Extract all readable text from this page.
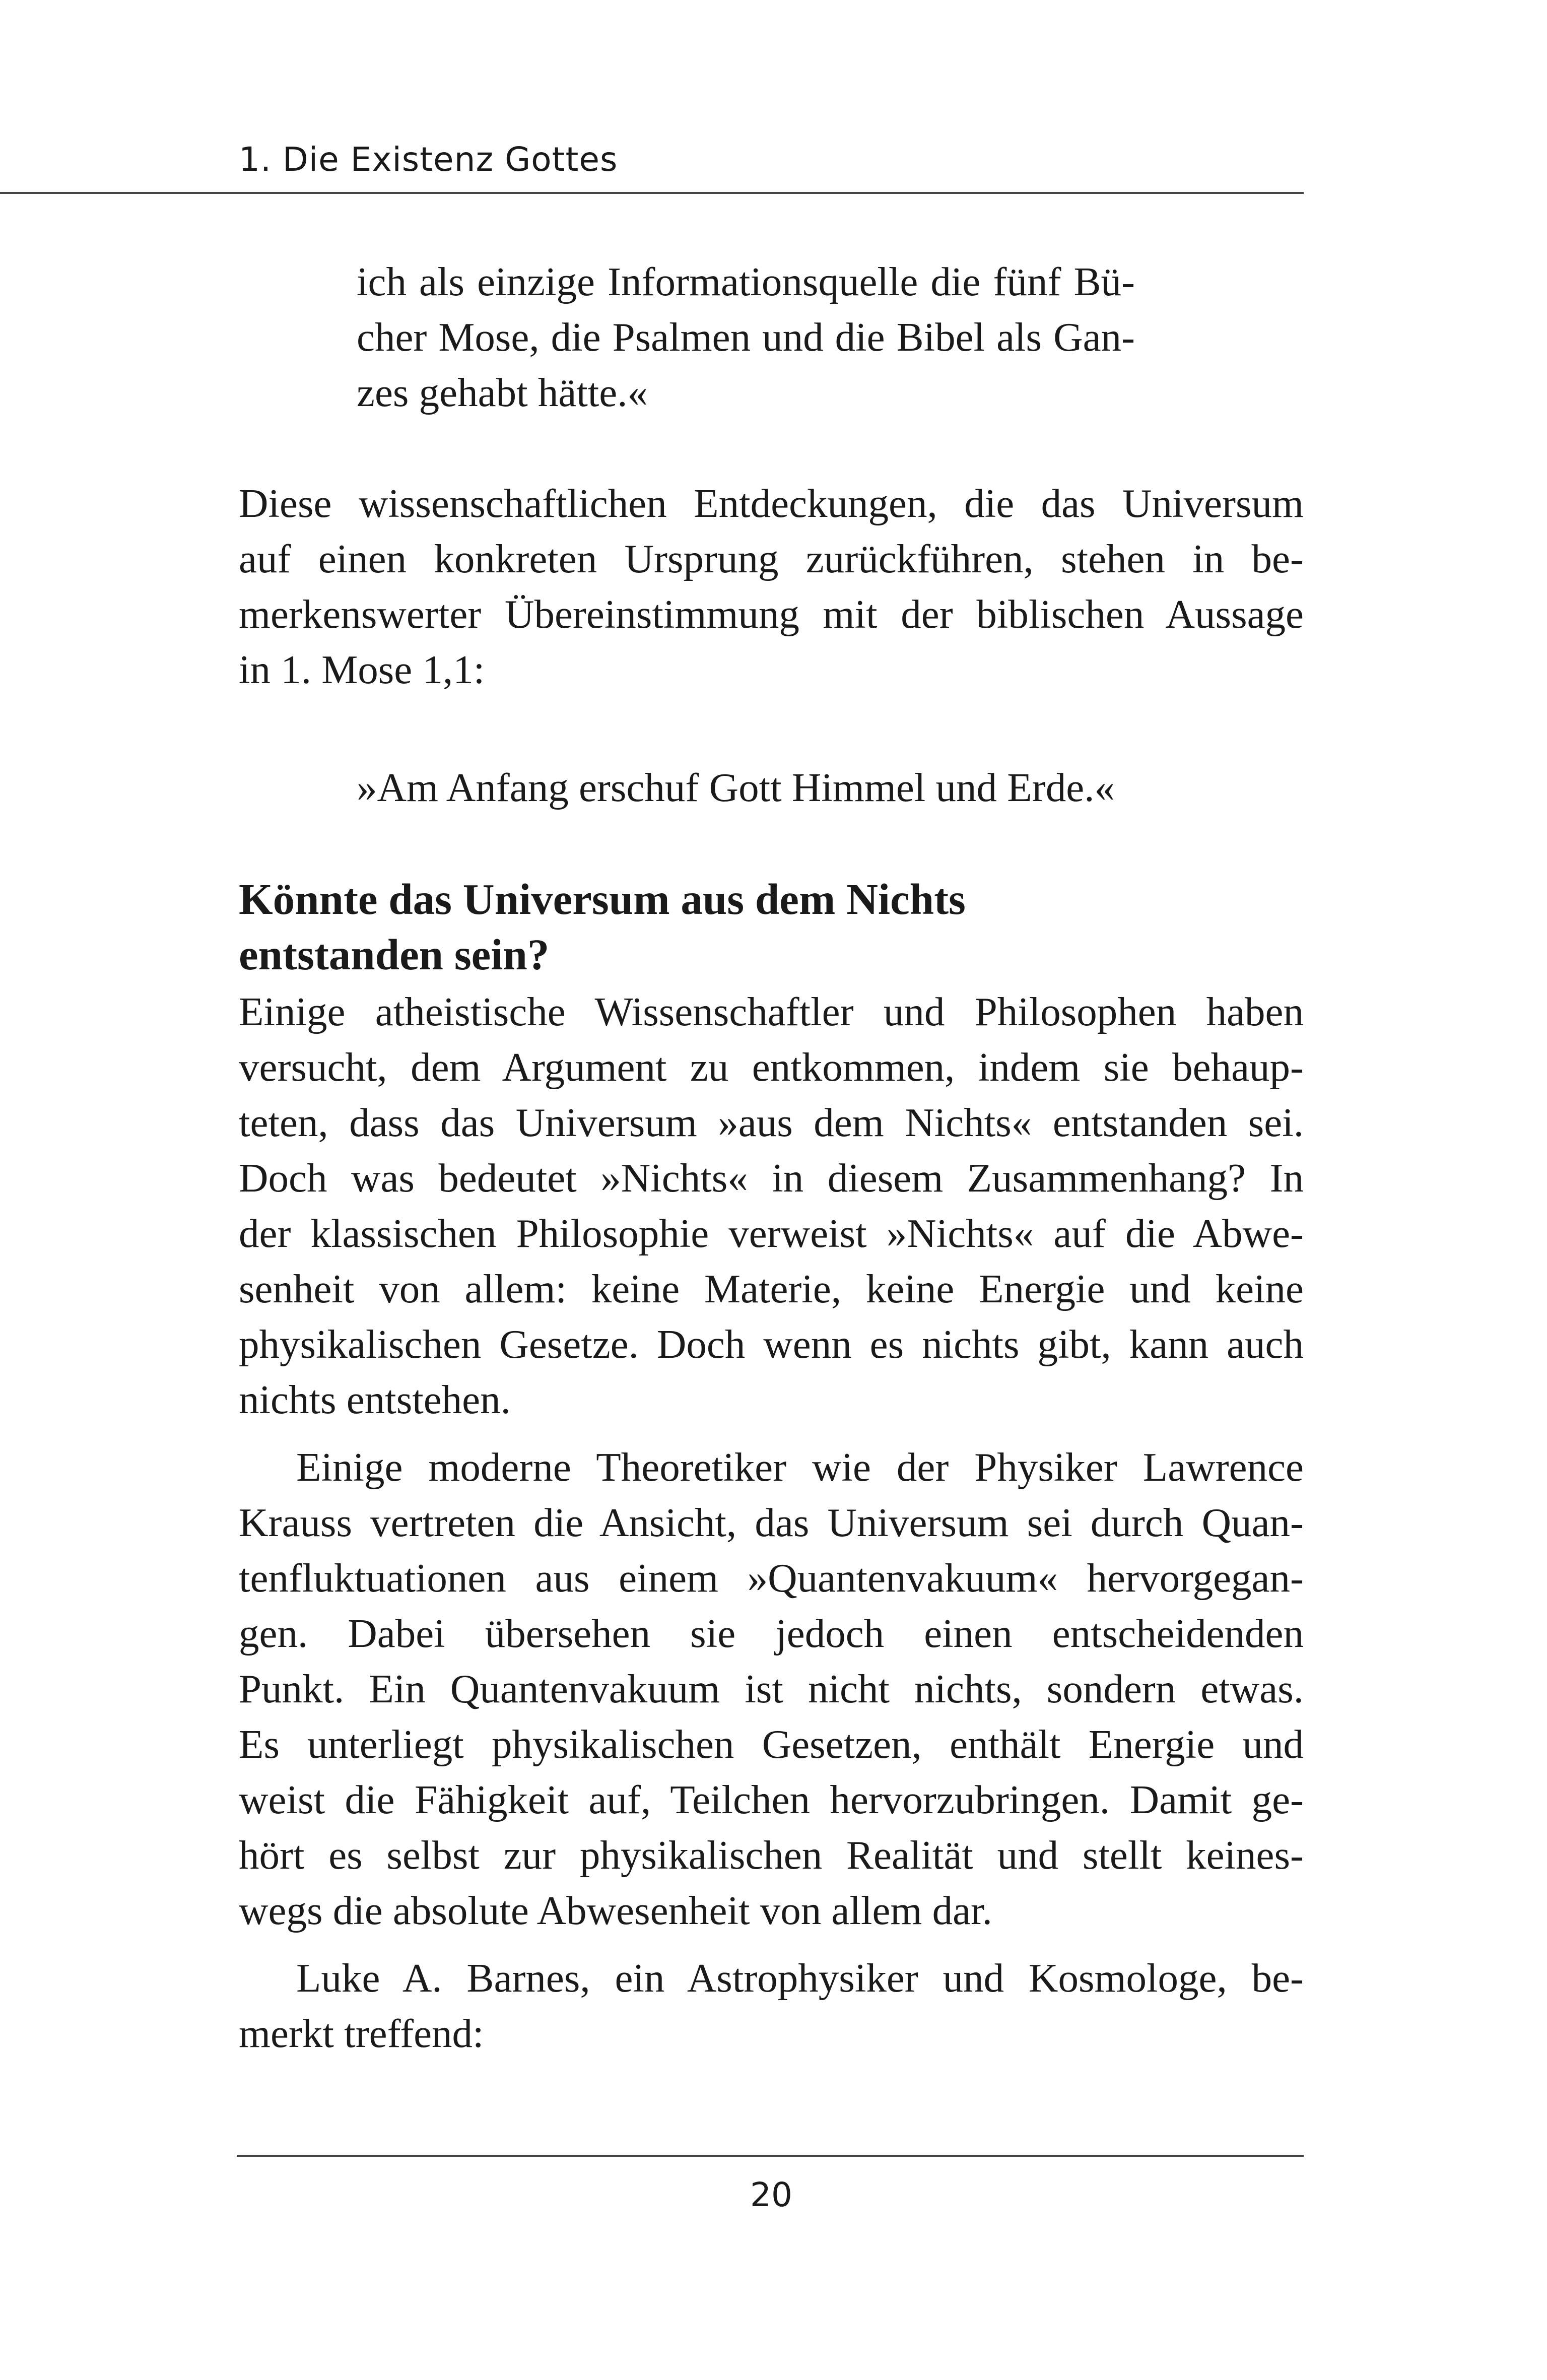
1. Die Existenz Gottes
ich als einzige Informationsquelle die fünf Bü-
cher Mose, die Psalmen und die Bibel als Gan-
zes gehabt hätte.«
Diese wissenschaftlichen Entdeckungen, die das Universum
auf einen konkreten Ursprung zurückführen, stehen in be-
merkenswerter Übereinstimmung mit der biblischen Aussage
in 1. Mose 1,1:
»Am Anfang erschuf Gott Himmel und Erde.«
Könnte das Universum aus dem Nichts
entstanden sein?
Einige atheistische Wissenschaftler und Philosophen haben
versucht, dem Argument zu entkommen, indem sie behaup-
teten, dass das Universum »aus dem Nichts« entstanden sei.
Doch was bedeutet »Nichts« in diesem Zusammenhang? In
der klassischen Philosophie verweist »Nichts« auf die Abwe-
senheit von allem: keine Materie, keine Energie und keine
physikalischen Gesetze. Doch wenn es nichts gibt, kann auch
nichts entstehen.
Einige moderne Theoretiker wie der Physiker Lawrence
Krauss vertreten die Ansicht, das Universum sei durch Quan-
tenfluktuationen aus einem »Quantenvakuum« hervorgegan-
gen. Dabei übersehen sie jedoch einen entscheidenden
Punkt. Ein Quantenvakuum ist nicht nichts, sondern etwas.
Es unterliegt physikalischen Gesetzen, enthält Energie und
weist die Fähigkeit auf, Teilchen hervorzubringen. Damit ge-
hört es selbst zur physikalischen Realität und stellt keines-
wegs die absolute Abwesenheit von allem dar.
Luke A. Barnes, ein Astrophysiker und Kosmologe, be-
merkt treffend:
20
